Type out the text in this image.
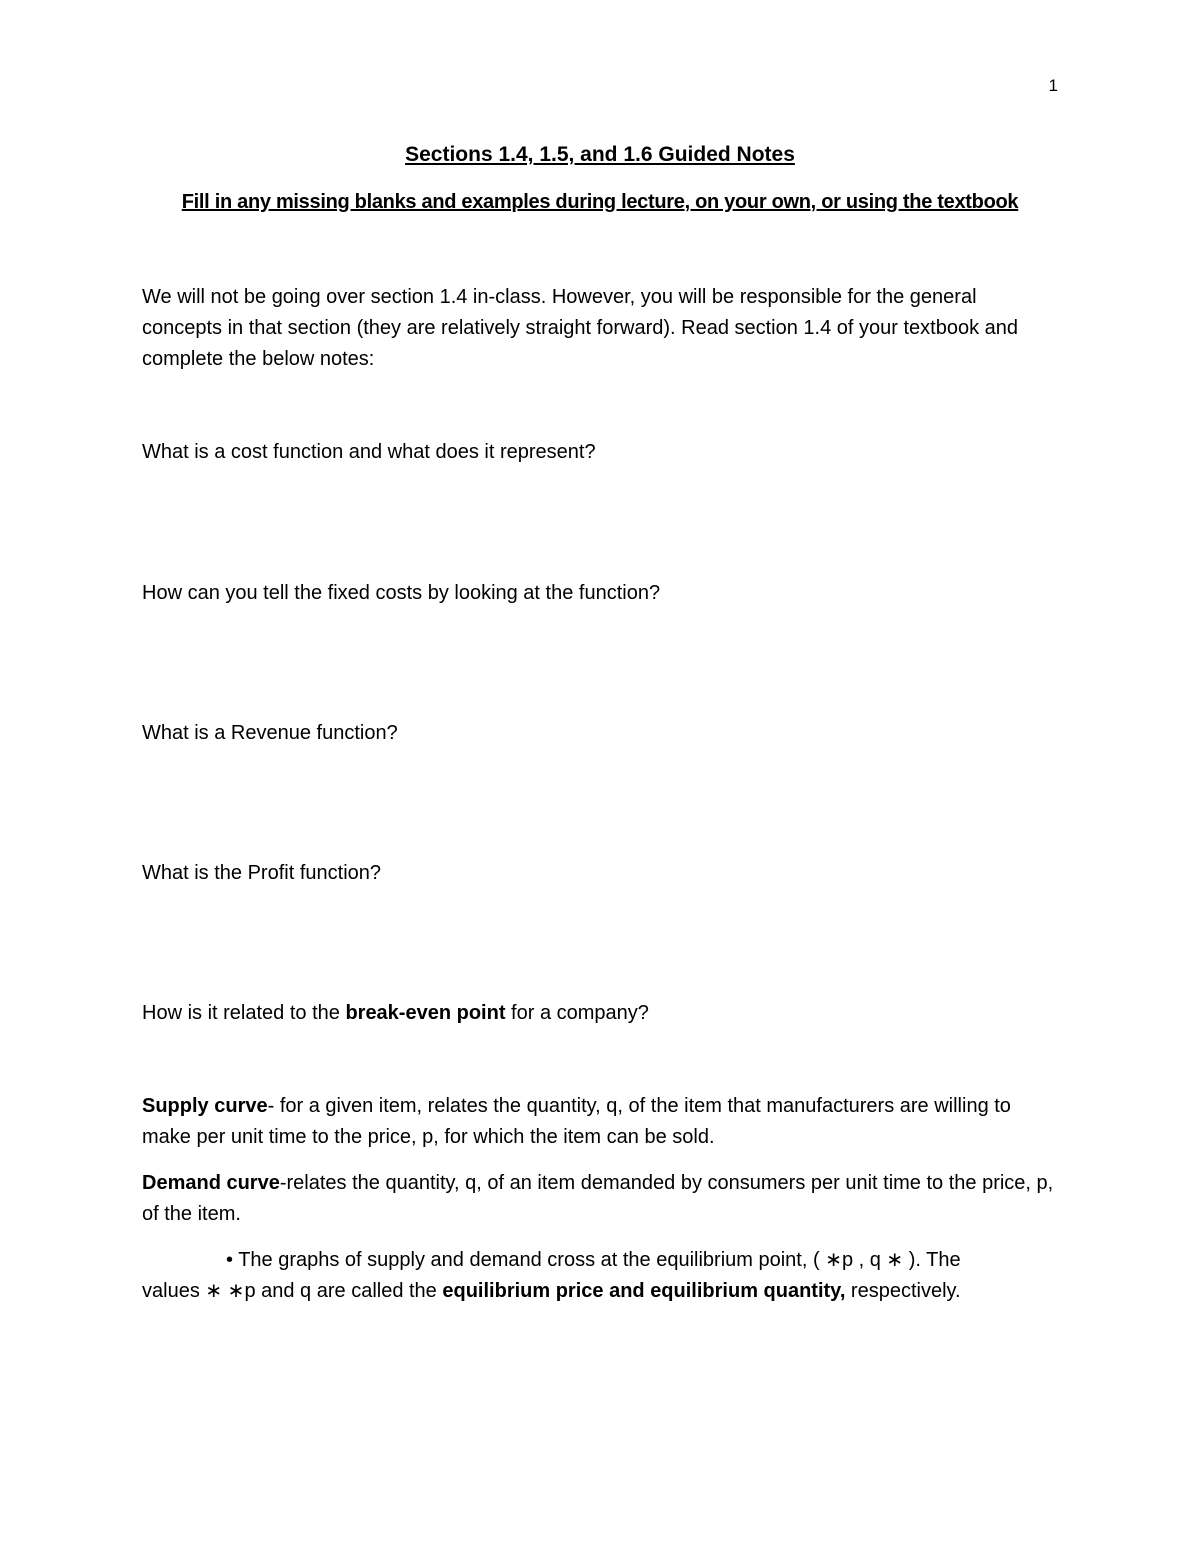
1
Sections 1.4, 1.5, and 1.6 Guided Notes
Fill in any missing blanks and examples during lecture, on your own, or using the textbook

We will not be going over section 1.4 in-class. However, you will be responsible for the general concepts in that section (they are relatively straight forward). Read section 1.4 of your textbook and complete the below notes:

What is a cost function and what does it represent?

How can you tell the fixed costs by looking at the function?

What is a Revenue function?

What is the Profit function?

How is it related to the break-even point for a company?

Supply curve- for a given item, relates the quantity, q, of the item that manufacturers are willing to make per unit time to the price, p, for which the item can be sold.

Demand curve-relates the quantity, q, of an item demanded by consumers per unit time to the price, p, of the item.

• The graphs of supply and demand cross at the equilibrium point, ( ∗p , q ∗ ). The

values ∗ ∗p and q are called the equilibrium price and equilibrium quantity, respectively.
